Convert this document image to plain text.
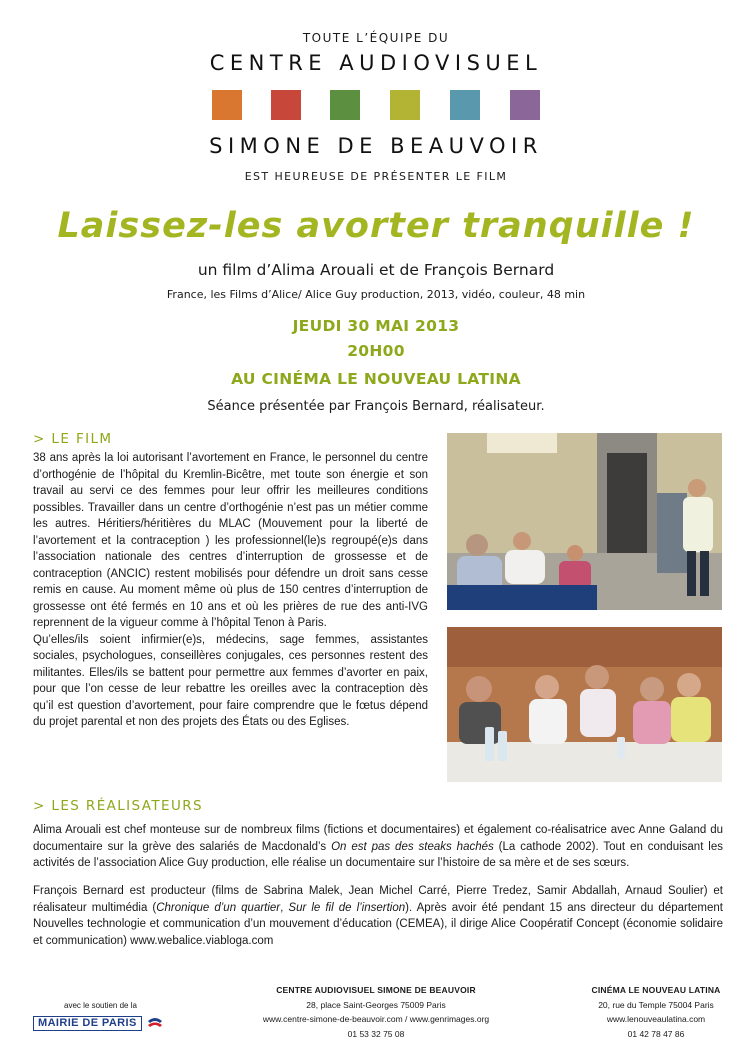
TOUTE L’ÉQUIPE DU
CENTRE AUDIOVISUEL
SIMONE DE BEAUVOIR
EST HEUREUSE DE PRÉSENTER LE FILM
Laissez-les avorter tranquille !
un film d’Alima Arouali et de François Bernard
France, les Films d’Alice/ Alice Guy production, 2013, vidéo, couleur, 48 min
JEUDI 30 MAI 2013
20H00
AU CINÉMA LE NOUVEAU LATINA
Séance présentée par François Bernard, réalisateur.
> LE FILM

38 ans après la loi autorisant l’avortement en France, le personnel du centre d’orthogénie de l’hôpital du Kremlin-Bicêtre, met toute son énergie et son travail au servi ce des femmes pour leur offrir les meilleures conditions possibles. Travailler dans un centre d’orthogénie n’est pas un métier comme les autres. Héritiers/héritières du MLAC (Mouvement pour la liberté de l’avortement et la contraception ) les professionnel(le)s regroupé(e)s dans l’association nationale des centres d’interruption de grossesse et de contraception (ANCIC) restent mobilisés pour défendre un droit sans cesse remis en cause. Au moment même où plus de 150 centres d’interruption de grossesse ont été fermés en 10 ans et où les prières de rue des anti-IVG reprennent de la vigueur comme à l’hôpital Tenon à Paris.

Qu’elles/ils soient infirmier(e)s, médecins, sage femmes, assistantes sociales, psychologues, conseillères conjugales, ces personnes restent des militantes. Elles/ils se battent pour permettre aux femmes d’avorter en paix, pour que l’on cesse de leur rebattre les oreilles avec la contraception dès qu’il est question d’avortement, pour faire comprendre que le fœtus dépend du projet parental et non des projets des États ou des Eglises.

> LES RÉALISATEURS

Alima Arouali est chef monteuse sur de nombreux films (fictions et documentaires) et également co-réalisatrice avec Anne Galand du documentaire sur la grève des salariés de Macdonald’s On est pas des steaks hachés (La cathode 2002). Tout en conduisant les activités de l’association Alice Guy production, elle réalise un documentaire sur l’histoire de sa mère et de ses sœurs.

François Bernard est producteur (films de Sabrina Malek, Jean Michel Carré, Pierre Tredez, Samir Abdallah, Arnaud Soulier) et réalisateur multimédia (Chronique d’un quartier, Sur le fil de l’insertion). Après avoir été pendant 15 ans directeur du département Nouvelles technologie et communication d’un mouvement d’éducation (CEMEA), il dirige Alice Coopératif Concept (économie solidaire et communication) www.webalice.viabloga.com

avec le soutien de la
MAIRIE DE PARIS
CENTRE AUDIOVISUEL SIMONE DE BEAUVOIR
28, place Saint-Georges 75009 Paris
www.centre-simone-de-beauvoir.com / www.genrimages.org
01 53 32 75 08
CINÉMA LE NOUVEAU LATINA
20, rue du Temple 75004 Paris
www.lenouveaulatina.com
01 42 78 47 86
